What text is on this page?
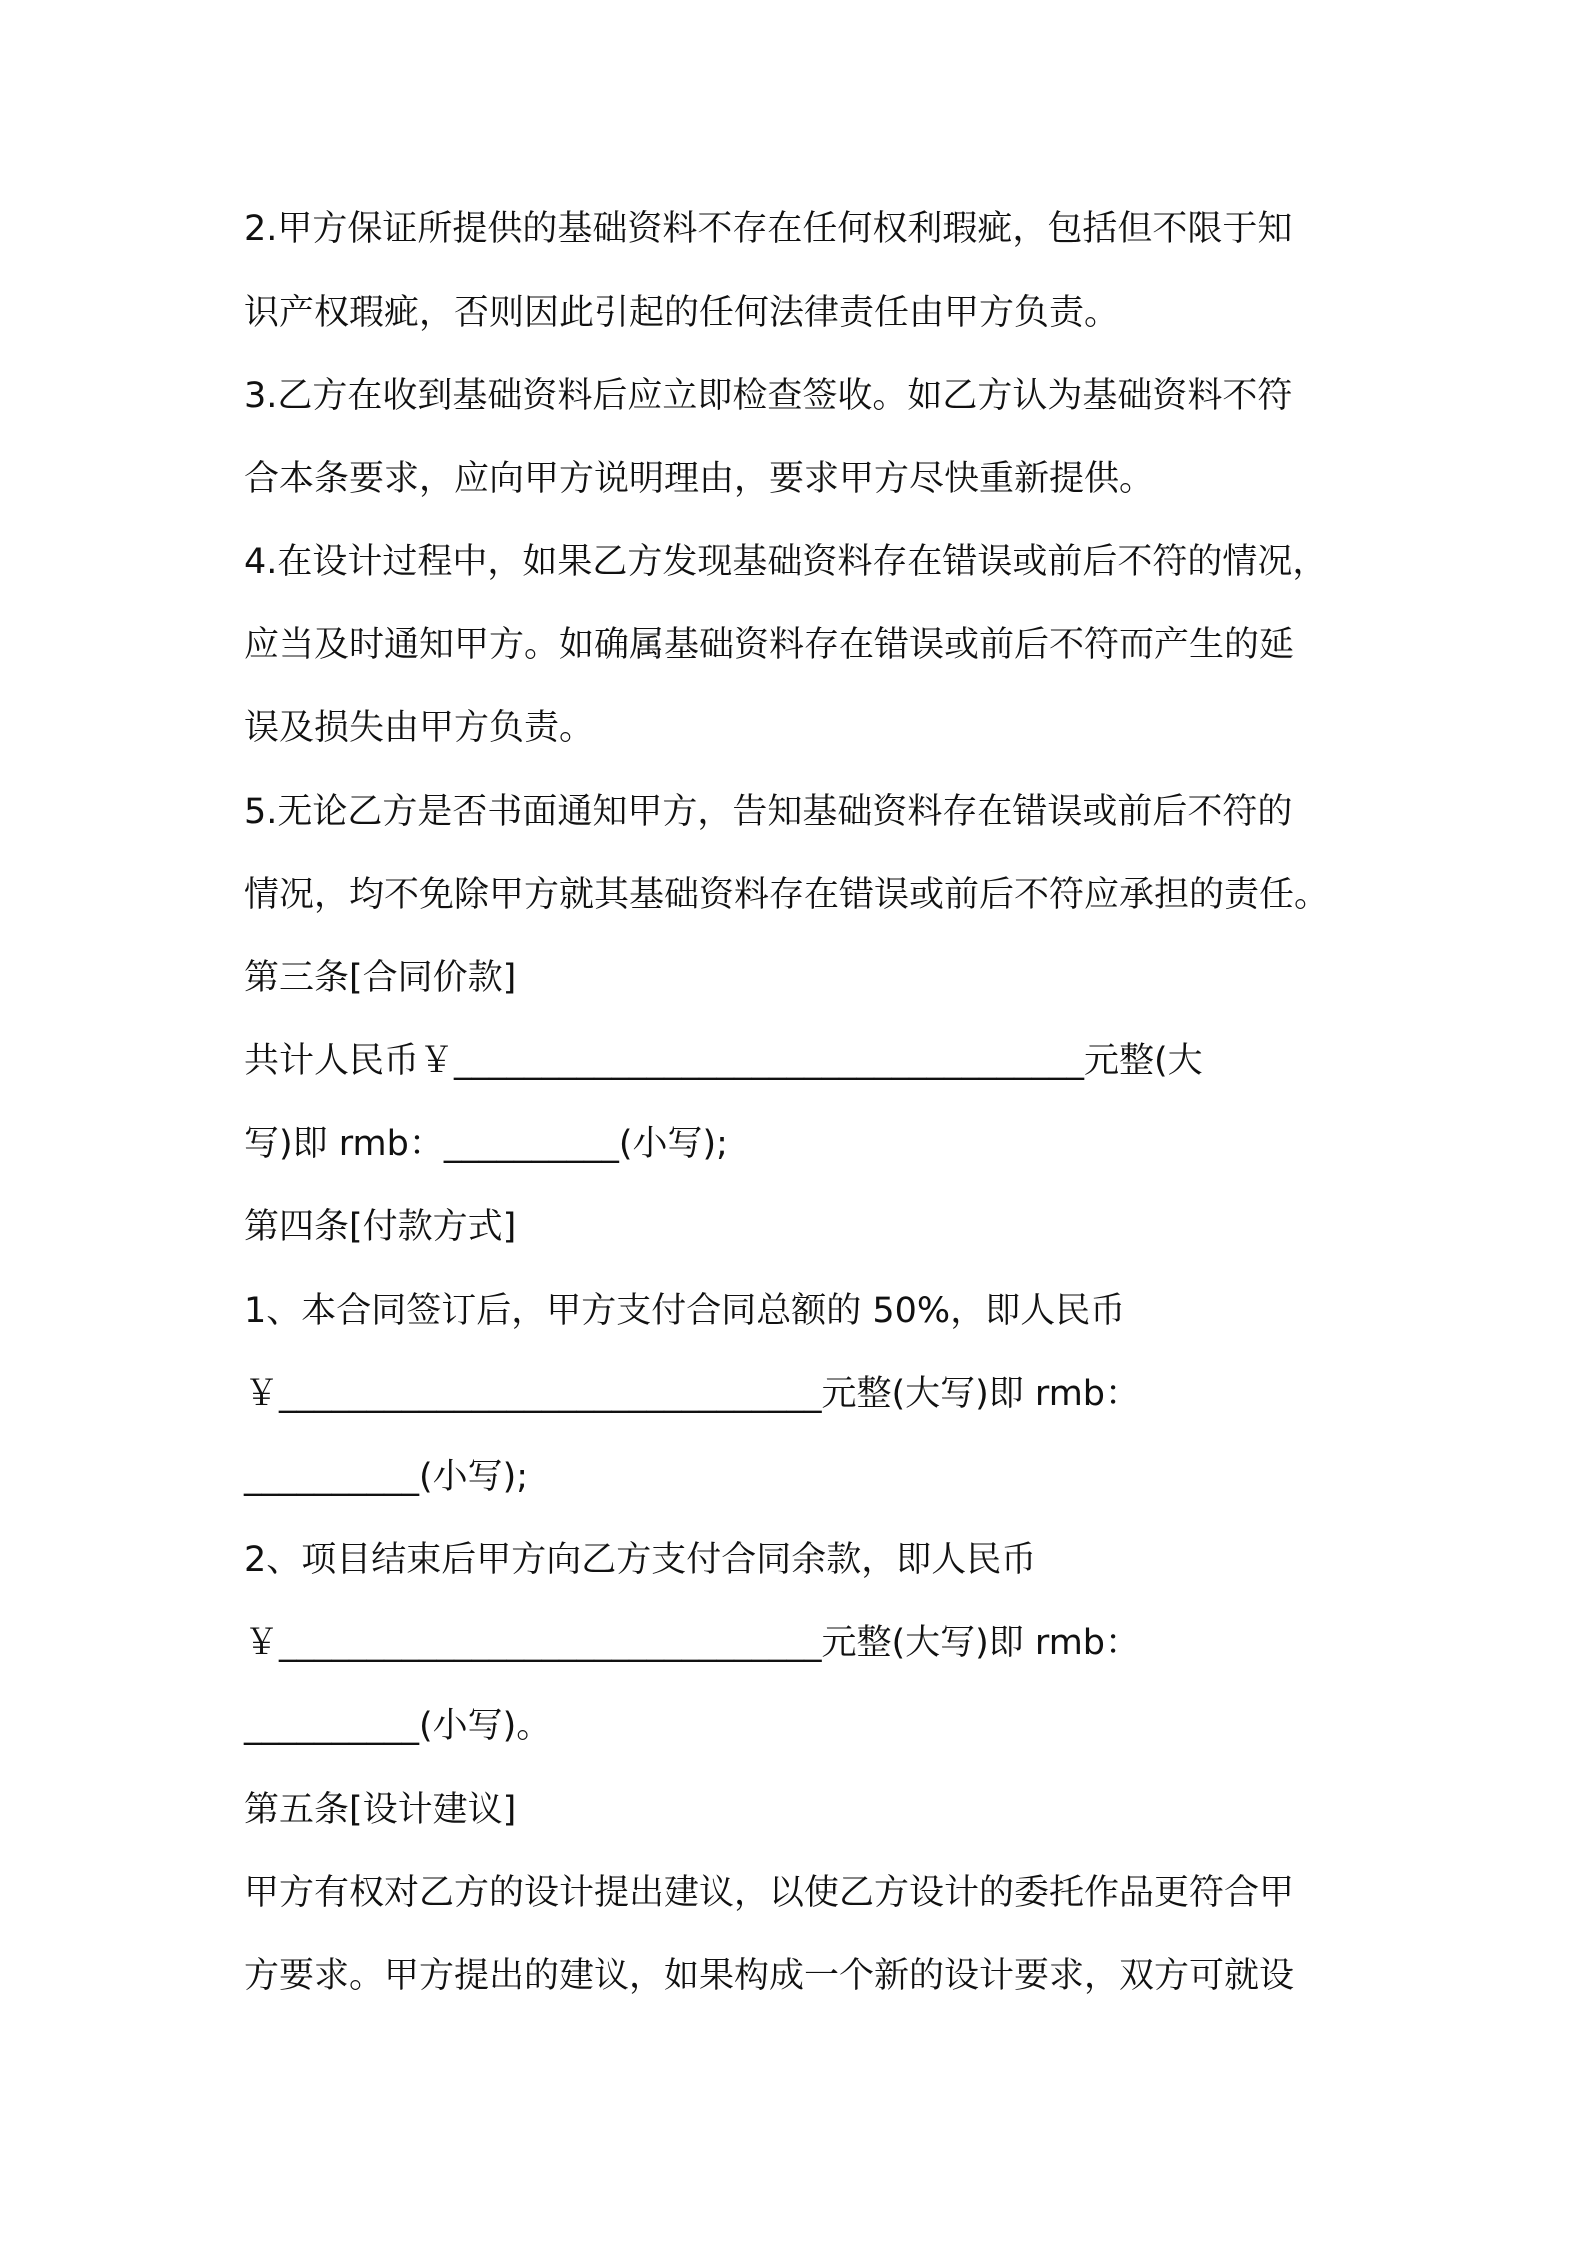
2.甲方保证所提供的基础资料不存在任何权利瑕疵，包括但不限于知
识产权瑕疵，否则因此引起的任何法律责任由甲方负责。
3.乙方在收到基础资料后应立即检查签收。如乙方认为基础资料不符
合本条要求，应向甲方说明理由，要求甲方尽快重新提供。
4.在设计过程中，如果乙方发现基础资料存在错误或前后不符的情况，
应当及时通知甲方。如确属基础资料存在错误或前后不符而产生的延
误及损失由甲方负责。
5.无论乙方是否书面通知甲方，告知基础资料存在错误或前后不符的
情况，均不免除甲方就其基础资料存在错误或前后不符应承担的责任。
第三条[合同价款]
共计人民币￥____________________________________元整(大
写)即 rmb：__________(小写);
第四条[付款方式]
1、本合同签订后，甲方支付合同总额的 50%，即人民币
￥_______________________________元整(大写)即 rmb：
__________(小写);
2、项目结束后甲方向乙方支付合同余款，即人民币
￥_______________________________元整(大写)即 rmb：
__________(小写)。
第五条[设计建议]
甲方有权对乙方的设计提出建议，以使乙方设计的委托作品更符合甲
方要求。甲方提出的建议，如果构成一个新的设计要求，双方可就设
